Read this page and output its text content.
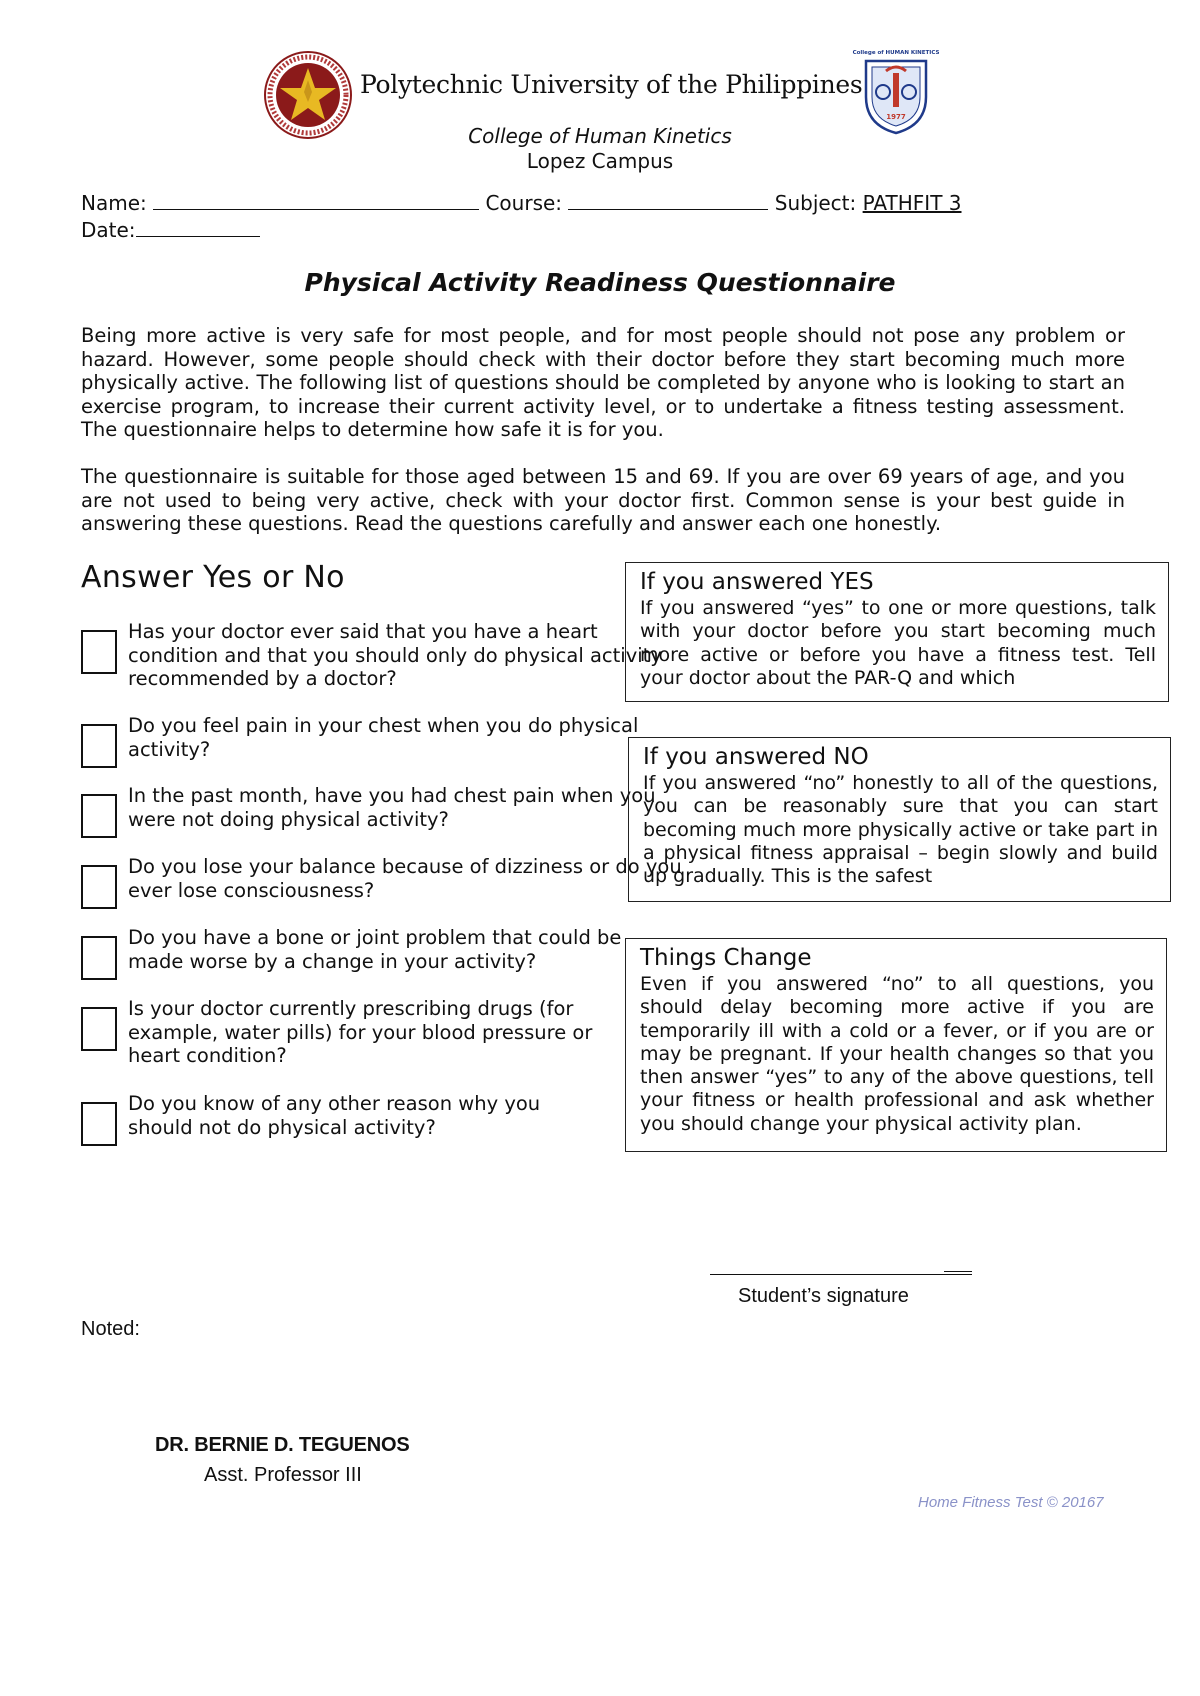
Polytechnic University of the Philippines
College of HUMAN KINETICS
1977
College of Human Kinetics
Lopez Campus
Name:	Course:	Subject: PATHFIT 3
Date:
Physical Activity Readiness Questionnaire
Being more active is very safe for most people, and for most people should not pose any problem or hazard. However, some people should check with their doctor before they start becoming much more physically active. The following list of questions should be completed by anyone who is looking to start an exercise program, to increase their current activity level, or to undertake a fitness testing assessment. The questionnaire helps to determine how safe it is for you.
The questionnaire is suitable for those aged between 15 and 69. If you are over 69 years of age, and you are not used to being very active, check with your doctor first. Common sense is your best guide in answering these questions. Read the questions carefully and answer each one honestly.
Answer Yes or No
Has your doctor ever said that you have a heart condition and that you should only do physical activity recommended by a doctor?
Do you feel pain in your chest when you do physical activity?
In the past month, have you had chest pain when you were not doing physical activity?
Do you lose your balance because of dizziness or do you ever lose consciousness?
Do you have a bone or joint problem that could be made worse by a change in your activity?
Is your doctor currently prescribing drugs (for example, water pills) for your blood pressure or heart condition?
Do you know of any other reason why you should not do physical activity?
If you answered YES
If you answered “yes” to one or more questions, talk with your doctor before you start becoming much more active or before you have a fitness test. Tell your doctor about the PAR-Q and which
If you answered NO
If you answered “no” honestly to all of the questions, you can be reasonably sure that you can start becoming much more physically active or take part in a physical fitness appraisal – begin slowly and build up gradually. This is the safest
Things Change
Even if you answered “no” to all questions, you should delay becoming more active if you are temporarily ill with a cold or a fever, or if you are or may be pregnant. If your health changes so that you then answer “yes” to any of the above questions, tell your fitness or health professional and ask whether you should change your physical activity plan.
Student’s signature
Noted:
DR. BERNIE D. TEGUENOS
Asst. Professor III
Home Fitness Test © 20167
